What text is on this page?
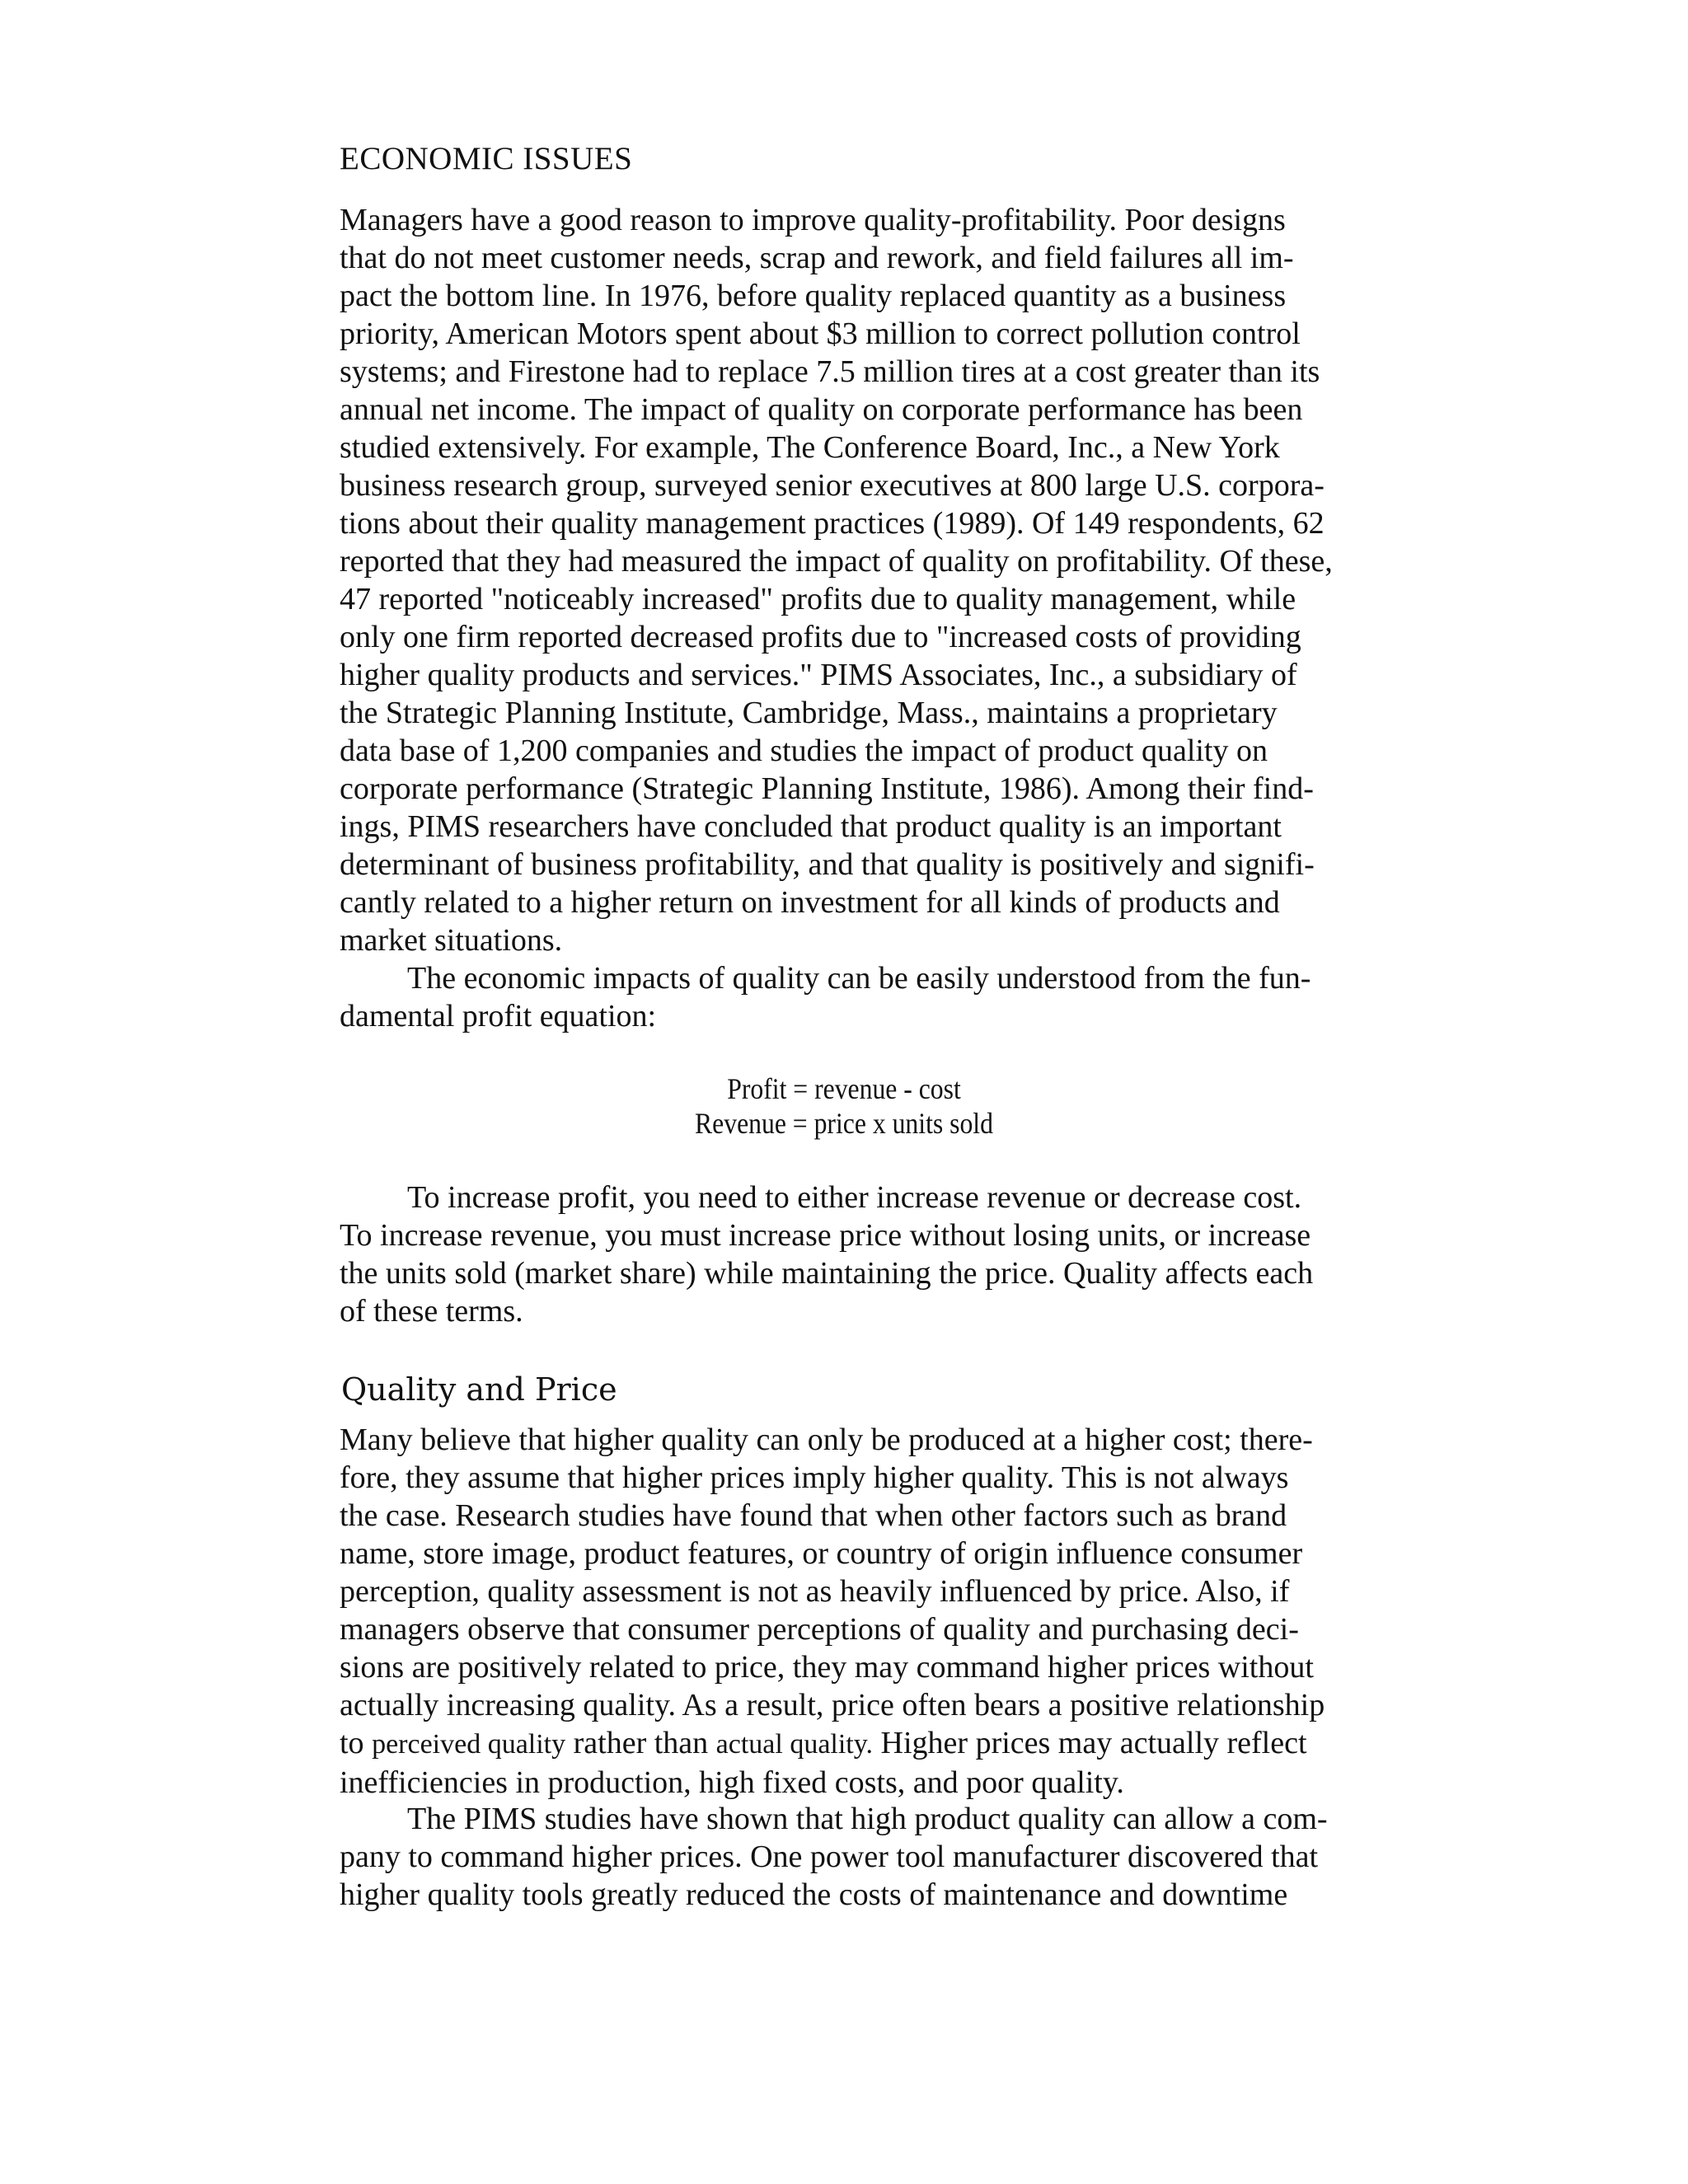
ECONOMIC ISSUES
Managers have a good reason to improve quality-profitability. Poor designs
that do not meet customer needs, scrap and rework, and field failures all im-
pact the bottom line. In 1976, before quality replaced quantity as a business
priority, American Motors spent about $3 million to correct pollution control
systems; and Firestone had to replace 7.5 million tires at a cost greater than its
annual net income. The impact of quality on corporate performance has been
studied extensively. For example, The Conference Board, Inc., a New York
business research group, surveyed senior executives at 800 large U.S. corpora-
tions about their quality management practices (1989). Of 149 respondents, 62
reported that they had measured the impact of quality on profitability. Of these,
47 reported "noticeably increased" profits due to quality management, while
only one firm reported decreased profits due to "increased costs of providing
higher quality products and services." PIMS Associates, Inc., a subsidiary of
the Strategic Planning Institute, Cambridge, Mass., maintains a proprietary
data base of 1,200 companies and studies the impact of product quality on
corporate performance (Strategic Planning Institute, 1986). Among their find-
ings, PIMS researchers have concluded that product quality is an important
determinant of business profitability, and that quality is positively and signifi-
cantly related to a higher return on investment for all kinds of products and
market situations.
The economic impacts of quality can be easily understood from the fun-
damental profit equation:
Profit = revenue - cost
Revenue = price x units sold
To increase profit, you need to either increase revenue or decrease cost.
To increase revenue, you must increase price without losing units, or increase
the units sold (market share) while maintaining the price. Quality affects each
of these terms.
Quality and Price
Many believe that higher quality can only be produced at a higher cost; there-
fore, they assume that higher prices imply higher quality. This is not always
the case. Research studies have found that when other factors such as brand
name, store image, product features, or country of origin influence consumer
perception, quality assessment is not as heavily influenced by price. Also, if
managers observe that consumer perceptions of quality and purchasing deci-
sions are positively related to price, they may command higher prices without
actually increasing quality. As a result, price often bears a positive relationship
to perceived quality rather than actual quality. Higher prices may actually reflect
inefficiencies in production, high fixed costs, and poor quality.
The PIMS studies have shown that high product quality can allow a com-
pany to command higher prices. One power tool manufacturer discovered that
higher quality tools greatly reduced the costs of maintenance and downtime
